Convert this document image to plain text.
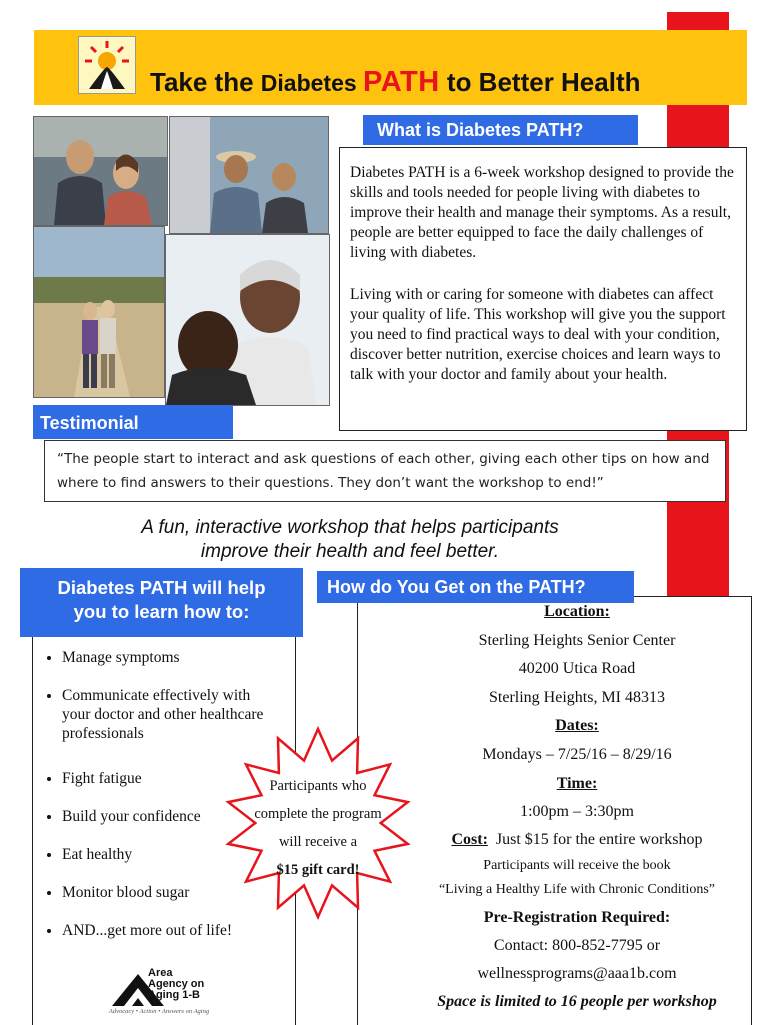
Take the Diabetes PATH to Better Health
What is Diabetes PATH?

Diabetes PATH is a 6-week workshop designed to provide the skills and tools needed for people living with diabetes to improve their health and manage their symptoms. As a result, people are better equipped to face the daily challenges of living with diabetes.

Living with or caring for someone with diabetes can affect your quality of life. This workshop will give you the support you need to find practical ways to deal with your condition, discover better nutrition, exercise choices and learn ways to talk with your doctor and family about your health.

Testimonial
“The people start to interact and ask questions of each other, giving each other tips on how and where to find answers to their questions. They don’t want the workshop to end!”
A fun, interactive workshop that helps participants
improve their health and feel better.
Diabetes PATH will help
you to learn how to:
• Manage symptoms
• Communicate effectively with your doctor and other healthcare professionals
• Fight fatigue
• Build your confidence
• Eat healthy
• Monitor blood sugar
• AND...get more out of life!
Area
Agency on
Aging 1-B
Advocacy • Action • Answers on Aging
How do You Get on the PATH?
Location:
Sterling Heights Senior Center
40200 Utica Road
Sterling Heights, MI 48313
Dates:
Mondays – 7/25/16 – 8/29/16
Time:
1:00pm – 3:30pm
Cost:  Just $15 for the entire workshop
Participants will receive the book
“Living a Healthy Life with Chronic Conditions”
Pre-Registration Required:
Contact: 800-852-7795 or
wellnessprograms@aaa1b.com
Space is limited to 16 people per workshop
Participants who
complete the program
will receive a
$15 gift card!
